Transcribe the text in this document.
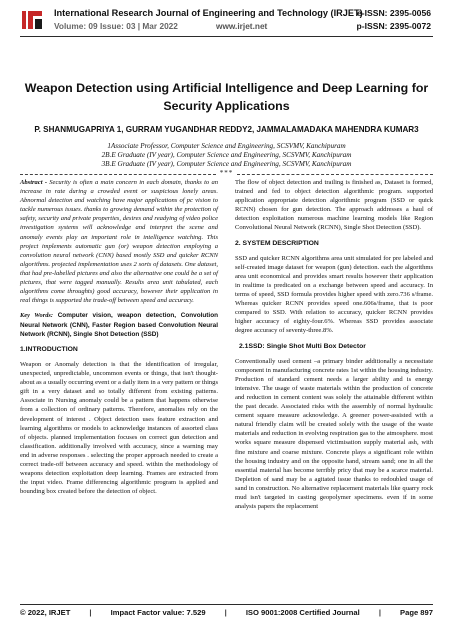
International Research Journal of Engineering and Technology (IRJET)
Volume: 09 Issue: 03 | Mar 2022	www.irjet.net
e-ISSN: 2395-0056
p-ISSN: 2395-0072
Weapon Detection using Artificial Intelligence and Deep Learning for
Security Applications
P. SHANMUGAPRIYA 1, GURRAM YUGANDHAR REDDY2, JAMMALAMADAKA MAHENDRA KUMAR3
1Associate Professor, Computer Science and Engineering, SCSVMV, Kanchipuram
2B.E Graduate (IV year), Computer Science and Engineering, SCSVMV, Kanchipuram
3B.E Graduate (IV year), Computer Science and Engineering, SCSVMV, Kanchipuram
***

Abstract - Security is often a main concern in each domain, thanks to an increase in rate during a crowded event or suspicious lonely areas. Abnormal detection and watching have major applications of pc vision to tackle numerous issues. thanks to growing demand within the protection of safety, security and private properties, desires and readying of video police investigation systems will acknowledge and interpret the scene and anomaly events play an important role in intelligence watching. This project implements automatic gun (or) weapon detection employing a convolution neural network (CNN) based mostly SSD and quicker RCNN algorithms. projected implementation uses 2 sorts of datasets. One dataset, that had pre-labelled pictures and also the alternative one could be a set of pictures, that were tagged manually. Results area unit tabulated, each algorithms come throughts) good accuracy, however their application in real things is supported the trade-off between speed and accuracy.

Key Words: Computer vision, weapon detection, Convolution Neural Network (CNN), Faster Region based Convolution Neural Network (RCNN), Single Shot Detection (SSD)

1.INTRODUCTION

Weapon or Anomaly detection is that the identification of irregular, unexpected, unpredictable, uncommon events or things, that isn't thought-about as a usually occurring event or a daily item in a very pattern or things gift in a very dataset and so totally different from existing patterns. Associate in Nursing anomaly could be a pattern that happens otherwise from a collection of ordinary patterns. Therefore, anomalies rely on the development of interest . Object detection uses feature extraction and learning algorithms or models to acknowledge instances of assorted class of objects. planned implementation focuses on correct gun detection and classification. additionally involved with accuracy, since a warning may end in adverse responses . selecting the proper approach needed to create a correct trade-off between accuracy and speed. within the methodology of weapons detection exploitation deep learning. Frames are extracted from the input video. Frame differencing algorithmic program is applied and bounding box created before the detection of object.

The flow of object detection and trailing is finished as, Dataset is formed, trained and fed to object detection algorithmic program. supported application appropriate detection algorithmic program (SSD or quick RCNN) chosen for gun detection. The approach addresses a haul of detection exploitation numerous machine learning models like Region Convolutional Neural Network (RCNN), Single Shot Detection (SSD).

2. SYSTEM DESCRIPTION

SSD and quicker RCNN algorithms area unit simulated for pre labeled and self-created image dataset for weapon (gun) detection. each the algorithms area unit economical and provides smart results however their application in realtime is predicated on a exchange between speed and accuracy. In terms of speed, SSD formula provides higher speed with zero.736 s/frame. Whereas quicker RCNN provides speed one.606s/frame, that is poor compared to SSD. With relation to accuracy, quicker RCNN provides higher accuracy of eighty-four.6%. Whereas SSD provides associate degree accuracy of seventy-three.8%.

2.1SSD: Single Shot Multi Box Detector

Conventionally used cement –a primary binder additionally a necessitate component in manufacturing concrete rates 1st within the housing industry. Production of standard cement needs a larger ability and is energy intensive. The usage of waste materials within the production of concrete and reduction in cement content was solely the attainable different within the past decade. Associated risks with the assembly of normal hydraulic cement square measure acknowledge. A greener power-assisted with a natural friendly claim will be created solely with the usage of the waste materials and reduction in evolving respiration gas to the atmosphere. most works square measure dispensed victimisation supply material ash, with fine mixture and coarse mixture. Concrete plays a significant role within the housing industry and on the opposite hand, stream sand; one in all the essential material has become terribly pricy that may be a scarce material. Depletion of sand may be a agitated issue thanks to redoubled usage of sand in construction. No alternative replacement materials like quarry rock mud isn't targeted in casting geopolymer specimens. even if in some analysis papers the replacement

© 2022, IRJET	|	Impact Factor value: 7.529	|	ISO 9001:2008 Certified Journal	|	Page 897
